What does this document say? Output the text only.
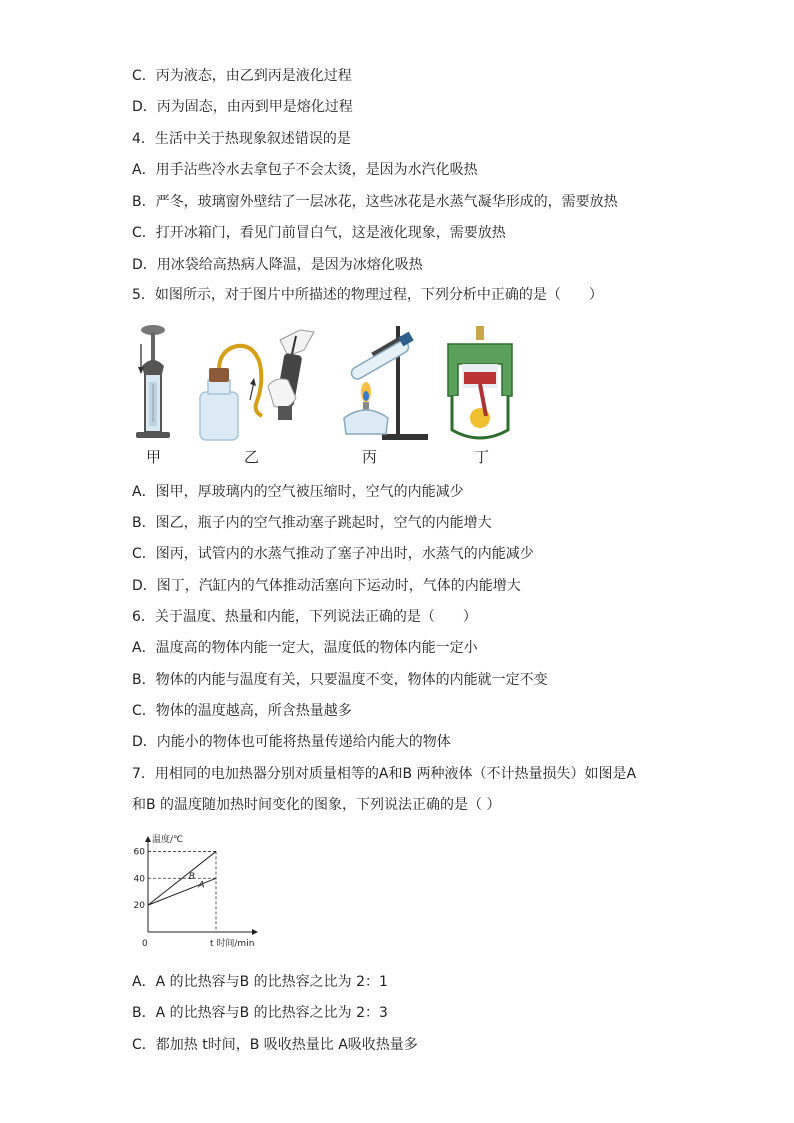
C．丙为液态，由乙到丙是液化过程
D．丙为固态，由丙到甲是熔化过程
4．生活中关于热现象叙述错误的是
A．用手沾些冷水去拿包子不会太烫，是因为水汽化吸热
B．严冬，玻璃窗外壁结了一层冰花，这些冰花是水蒸气凝华形成的，需要放热
C．打开冰箱门，看见门前冒白气，这是液化现象，需要放热
D．用冰袋给高热病人降温，是因为冰熔化吸热
5．如图所示，对于图片中所描述的物理过程，下列分析中正确的是（　　）
甲	乙	丙	丁
A．图甲，厚玻璃内的空气被压缩时，空气的内能减少
B．图乙，瓶子内的空气推动塞子跳起时，空气的内能增大
C．图丙，试管内的水蒸气推动了塞子冲出时，水蒸气的内能减少
D．图丁，汽缸内的气体推动活塞向下运动时，气体的内能增大
6．关于温度、热量和内能，下列说法正确的是（　　）
A．温度高的物体内能一定大，温度低的物体内能一定小
B．物体的内能与温度有关，只要温度不变，物体的内能就一定不变
C．物体的温度越高，所含热量越多
D．内能小的物体也可能将热量传递给内能大的物体
7．用相同的电加热器分别对质量相等的A和B 两种液体（不计热量损失）如图是A
和B 的温度随加热时间变化的图象，下列说法正确的是（ ）
20
40
60
B
A
温度/℃
t 时间/min
0
A．A 的比热容与B 的比热容之比为 2：1
B．A 的比热容与B 的比热容之比为 2：3
C．都加热 t时间，B 吸收热量比 A吸收热量多
